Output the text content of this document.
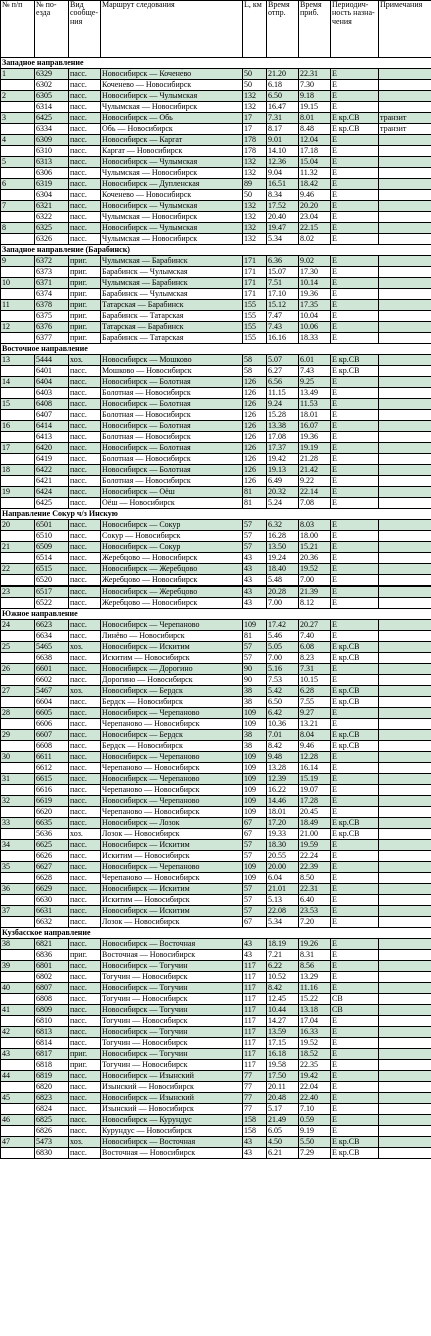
№ п/п	№ поезда	Вид сообщения	Маршрут следования	L, км	Время отпр.	Время приб.	Периодичность назначения	Примечания
Западное направление								
1	6329	пасс.	Новосибирск — Кочене́во	50	21.20	22.31	Е	
	6302	пасс.	Кочене́во — Новосибирск	50	6.18	7.30	Е	
2	6305	пасс.	Новосибирск — Чулымская	132	6.50	9.18	Е	
	6314	пасс.	Чулымская — Новосибирск	132	16.47	19.15	Е	
3	6425	пасс.	Новосибирск — Обь	17	7.31	8.01	Е кр.СВ	транзит
	6334	пасс.	Обь — Новосибирск	17	8.17	8.48	Е кр.СВ	транзит
4	6309	пасс.	Новосибирск — Каргат	178	9.01	12.04	Е	
	6310	пасс.	Каргат — Новосибирск	178	14.10	17.18	Е	
5	6313	пасс.	Новосибирск — Чулымская	132	12.36	15.04	Е	
	6306	пасс.	Чулымская — Новосибирск	132	9.04	11.32	Е	
6	6319	пасс.	Новосибирск — Дупленская	89	16.51	18.42	Е	
	6304	пасс.	Кочене́во — Новосибирск	50	8.34	9.46	Е	
7	6321	пасс.	Новосибирск — Чулымская	132	17.52	20.20	Е	
	6322	пасс.	Чулымская — Новосибирск	132	20.40	23.04	Е	
8	6325	пасс.	Новосибирск — Чулымская	132	19.47	22.15	Е	
	6326	пасс.	Чулымская — Новосибирск	132	5.34	8.02	Е	
Западное направление (Барабинск)								
9	6372	приг.	Чулымская — Барабинск	171	6.36	9.02	Е	
	6373	приг.	Барабинск — Чулымская	171	15.07	17.30	Е	
10	6371	приг.	Чулымская — Барабинск	171	7.51	10.14	Е	
	6374	приг.	Барабинск — Чулымская	171	17.10	19.36	Е	
11	6378	приг.	Татарская — Барабинск	155	15.12	17.35	Е	
	6375	приг.	Барабинск — Татарская	155	7.47	10.04	Е	
12	6376	приг.	Татарская — Барабинск	155	7.43	10.06	Е	
	6377	приг.	Барабинск — Татарская	155	16.16	18.33	Е	
Восточное направление								
13	5444	хоз.	Новосибирск — Мошково	58	5.07	6.01	Е кр.СВ	
	6401	пасс.	Мошково — Новосибирск	58	6.27	7.43	Е кр.СВ	
14	6404	пасс.	Новосибирск — Болотная	126	6.56	9.25	Е	
	6403	пасс.	Болотная — Новосибирск	126	11.15	13.49	Е	
15	6408	пасс.	Новосибирск — Болотная	126	9.24	11.53	Е	
	6407	пасс.	Болотная — Новосибирск	126	15.28	18.01	Е	
16	6414	пасс.	Новосибирск — Болотная	126	13.38	16.07	Е	
	6413	пасс.	Болотная — Новосибирск	126	17.08	19.36	Е	
17	6420	пасс.	Новосибирск — Болотная	126	17.37	19.19	Е	
	6419	пасс.	Болотная — Новосибирск	126	19.42	21.28	Е	
18	6422	пасс.	Новосибирск — Болотная	126	19.13	21.42	Е	
	6421	пасс.	Болотная — Новосибирск	126	6.49	9.22	Е	
19	6424	пасс.	Новосибирск — Оёш	81	20.32	22.14	Е	
	6425	пасс.	Оёш — Новосибирск	81	5.24	7.08	Е	
Направление Сокур ч/з Инскую								
20	6501	пасс.	Новосибирск — Сокур	57	6.32	8.03	Е	
	6510	пасс.	Сокур — Новосибирск	57	16.28	18.00	Е	
21	6509	пасс.	Новосибирск — Сокур	57	13.50	15.21	Е	
	6514	пасс.	Жеребцово — Новосибирск	43	19.24	20.36	Е	
22	6515	пасс.	Новосибирск — Жеребцово	43	18.40	19.52	Е	
	6520	пасс.	Жеребцово — Новосибирск	43	5.48	7.00	Е	
23	6517	пасс.	Новосибирск — Жеребцово	43	20.28	21.39	Е	
	6522	пасс.	Жеребцово — Новосибирск	43	7.00	8.12	Е	
Южное направление								
24	6623	пасс.	Новосибирск — Черепаново	109	17.42	20.27	Е	
	6634	пасс.	Линёво — Новосибирск	81	5.46	7.40	Е	
25	5465	хоз.	Новосибирск — Искитим	57	5.05	6.08	Е кр.СВ	
	6638	пасс.	Искитим — Новосибирск	57	7.00	8.23	Е кр.СВ	
26	6601	пасс.	Новосибирск — Дорогино	90	5.16	7.31	Е	
	6602	пасс.	Дорогино — Новосибирск	90	7.53	10.15	Е	
27	5467	хоз.	Новосибирск — Бердск	38	5.42	6.28	Е кр.СВ	
	6604	пасс.	Бердск — Новосибирск	38	6.50	7.55	Е кр.СВ	
28	6605	пасс.	Новосибирск — Черепаново	109	6.42	9.27	Е	
	6606	пасс.	Черепаново — Новосибирск	109	10.36	13.21	Е	
29	6607	пасс.	Новосибирск — Бердск	38	7.01	8.04	Е кр.СВ	
	6608	пасс.	Бердск — Новосибирск	38	8.42	9.46	Е кр.СВ	
30	6611	пасс.	Новосибирск — Черепаново	109	9.48	12.28	Е	
	6612	пасс.	Черепаново — Новосибирск	109	13.28	16.14	Е	
31	6615	пасс.	Новосибирск — Черепаново	109	12.39	15.19	Е	
	6616	пасс.	Черепаново — Новосибирск	109	16.22	19.07	Е	
32	6619	пасс.	Новосибирск — Черепаново	109	14.46	17.28	Е	
	6620	пасс.	Черепаново — Новосибирск	109	18.01	20.45	Е	
33	6635	пасс.	Новосибирск — Лозок	67	17.20	18.49	Е кр.СВ	
	5636	хоз.	Лозок — Новосибирск	67	19.33	21.00	Е кр.СВ	
34	6625	пасс.	Новосибирск — Искитим	57	18.30	19.59	Е	
	6626	пасс.	Искитим — Новосибирск	57	20.55	22.24	Е	
35	6627	пасс.	Новосибирск — Черепаново	109	20.00	22.39	Е	
	6628	пасс.	Черепаново — Новосибирск	109	6.04	8.50	Е	
36	6629	пасс.	Новосибирск — Искитим	57	21.01	22.31	Е	
	6630	пасс.	Искитим — Новосибирск	57	5.13	6.40	Е	
37	6631	пасс.	Новосибирск — Искитим	57	22.08	23.53	Е	
	6632	пасс.	Лозок — Новосибирск	67	5.34	7.20	Е	
Кузбасское направление								
38	6821	пасс.	Новосибирск — Восточная	43	18.19	19.26	Е	
	6836	приг.	Восточная — Новосибирск	43	7.21	8.31	Е	
39	6801	пасс.	Новосибирск — Тогучин	117	6.22	8.56	Е	
	6802	пасс.	Тогучин — Новосибирск	117	10.52	13.29	Е	
40	6807	пасс.	Новосибирск — Тогучин	117	8.42	11.16	Е	
	6808	пасс.	Тогучин — Новосибирск	117	12.45	15.22	СВ	
41	6809	пасс.	Новосибирск — Тогучин	117	10.44	13.18	СВ	
	6810	пасс.	Тогучин — Новосибирск	117	14.27	17.04	Е	
42	6813	пасс.	Новосибирск — Тогучин	117	13.59	16.33	Е	
	6814	пасс.	Тогучин — Новосибирск	117	17.15	19.52	Е	
43	6817	приг.	Новосибирск — Тогучин	117	16.18	18.52	Е	
	6818	приг.	Тогучин — Новосибирск	117	19.58	22.35	Е	
44	6819	пасс.	Новосибирск — Изынский	77	17.50	19.42	Е	
	6820	пасс.	Изынский — Новосибирск	77	20.11	22.04	Е	
45	6823	пасс.	Новосибирск — Изынский	77	20.48	22.40	Е	
	6824	пасс.	Изынский — Новосибирск	77	5.17	7.10	Е	
46	6825	пасс.	Новосибирск — Курундус	158	21.49	0.59	Е	
	6826	пасс.	Курундус — Новосибирск	158	6.05	9.19	Е	
47	5473	хоз.	Новосибирск — Восточная	43	4.50	5.50	Е кр.СВ	
	6830	пасс.	Восточная — Новосибирск	43	6.21	7.29	Е кр.СВ	
